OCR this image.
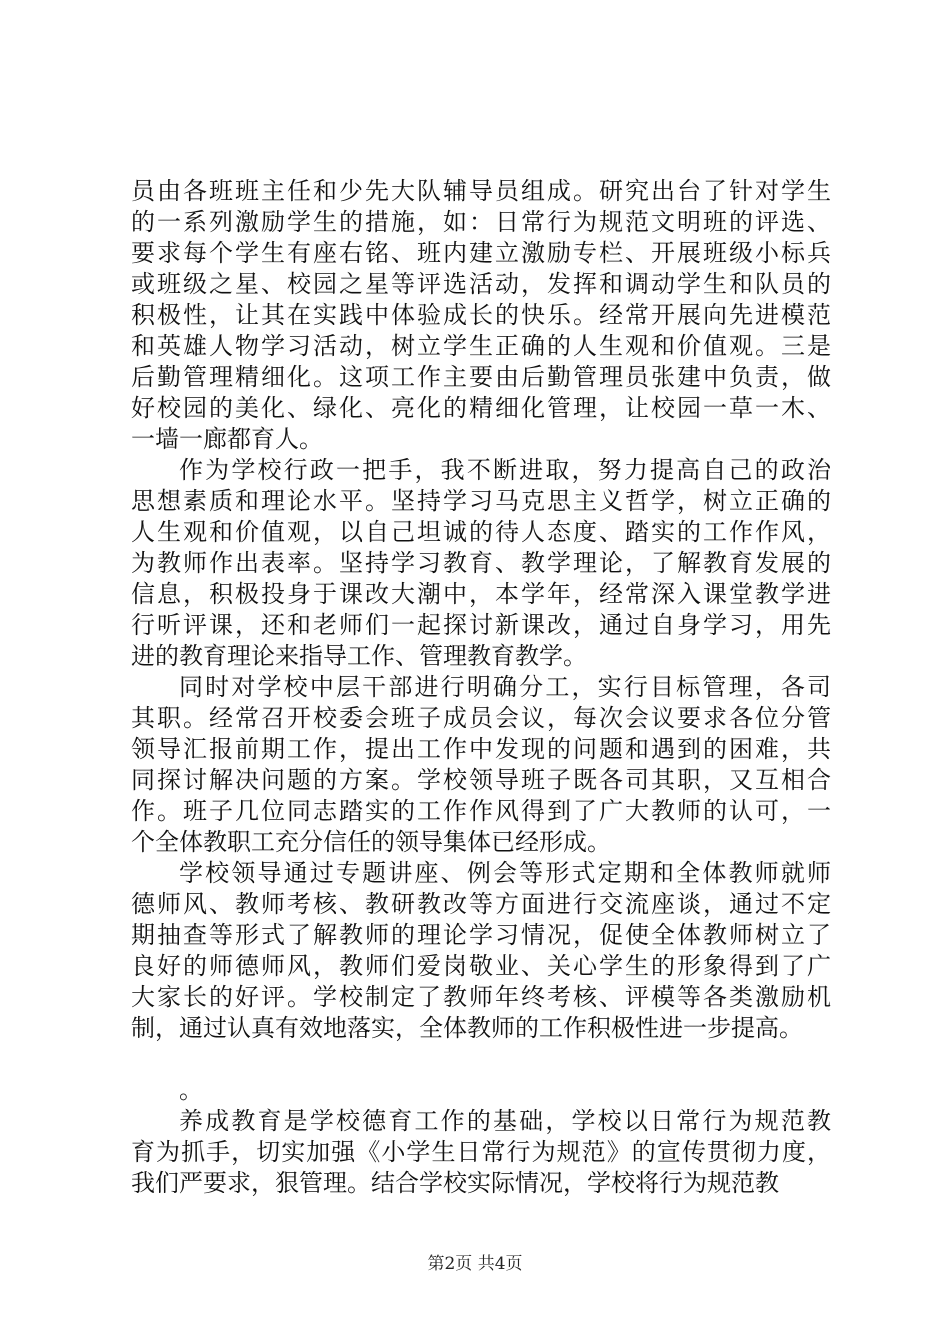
员由各班班主任和少先大队辅导员组成。研究出台了针对学生
的一系列激励学生的措施，如：日常行为规范文明班的评选、
要求每个学生有座右铭、班内建立激励专栏、开展班级小标兵
或班级之星、校园之星等评选活动，发挥和调动学生和队员的
积极性，让其在实践中体验成长的快乐。经常开展向先进模范
和英雄人物学习活动，树立学生正确的人生观和价值观。三是
后勤管理精细化。这项工作主要由后勤管理员张建中负责，做
好校园的美化、绿化、亮化的精细化管理，让校园一草一木、
一墙一廊都育人。
作为学校行政一把手，我不断进取，努力提高自己的政治
思想素质和理论水平。坚持学习马克思主义哲学，树立正确的
人生观和价值观，以自己坦诚的待人态度、踏实的工作作风，
为教师作出表率。坚持学习教育、教学理论，了解教育发展的
信息，积极投身于课改大潮中，本学年，经常深入课堂教学进
行听评课，还和老师们一起探讨新课改，通过自身学习，用先
进的教育理论来指导工作、管理教育教学。
同时对学校中层干部进行明确分工，实行目标管理，各司
其职。经常召开校委会班子成员会议，每次会议要求各位分管
领导汇报前期工作，提出工作中发现的问题和遇到的困难，共
同探讨解决问题的方案。学校领导班子既各司其职，又互相合
作。班子几位同志踏实的工作作风得到了广大教师的认可，一
个全体教职工充分信任的领导集体已经形成。
学校领导通过专题讲座、例会等形式定期和全体教师就师
德师风、教师考核、教研教改等方面进行交流座谈，通过不定
期抽查等形式了解教师的理论学习情况，促使全体教师树立了
良好的师德师风，教师们爱岗敬业、关心学生的形象得到了广
大家长的好评。学校制定了教师年终考核、评模等各类激励机
制，通过认真有效地落实，全体教师的工作积极性进一步提高。
。
养成教育是学校德育工作的基础，学校以日常行为规范教
育为抓手，切实加强《小学生日常行为规范》的宣传贯彻力度，
我们严要求，狠管理。结合学校实际情况，学校将行为规范教
第2页 共4页
